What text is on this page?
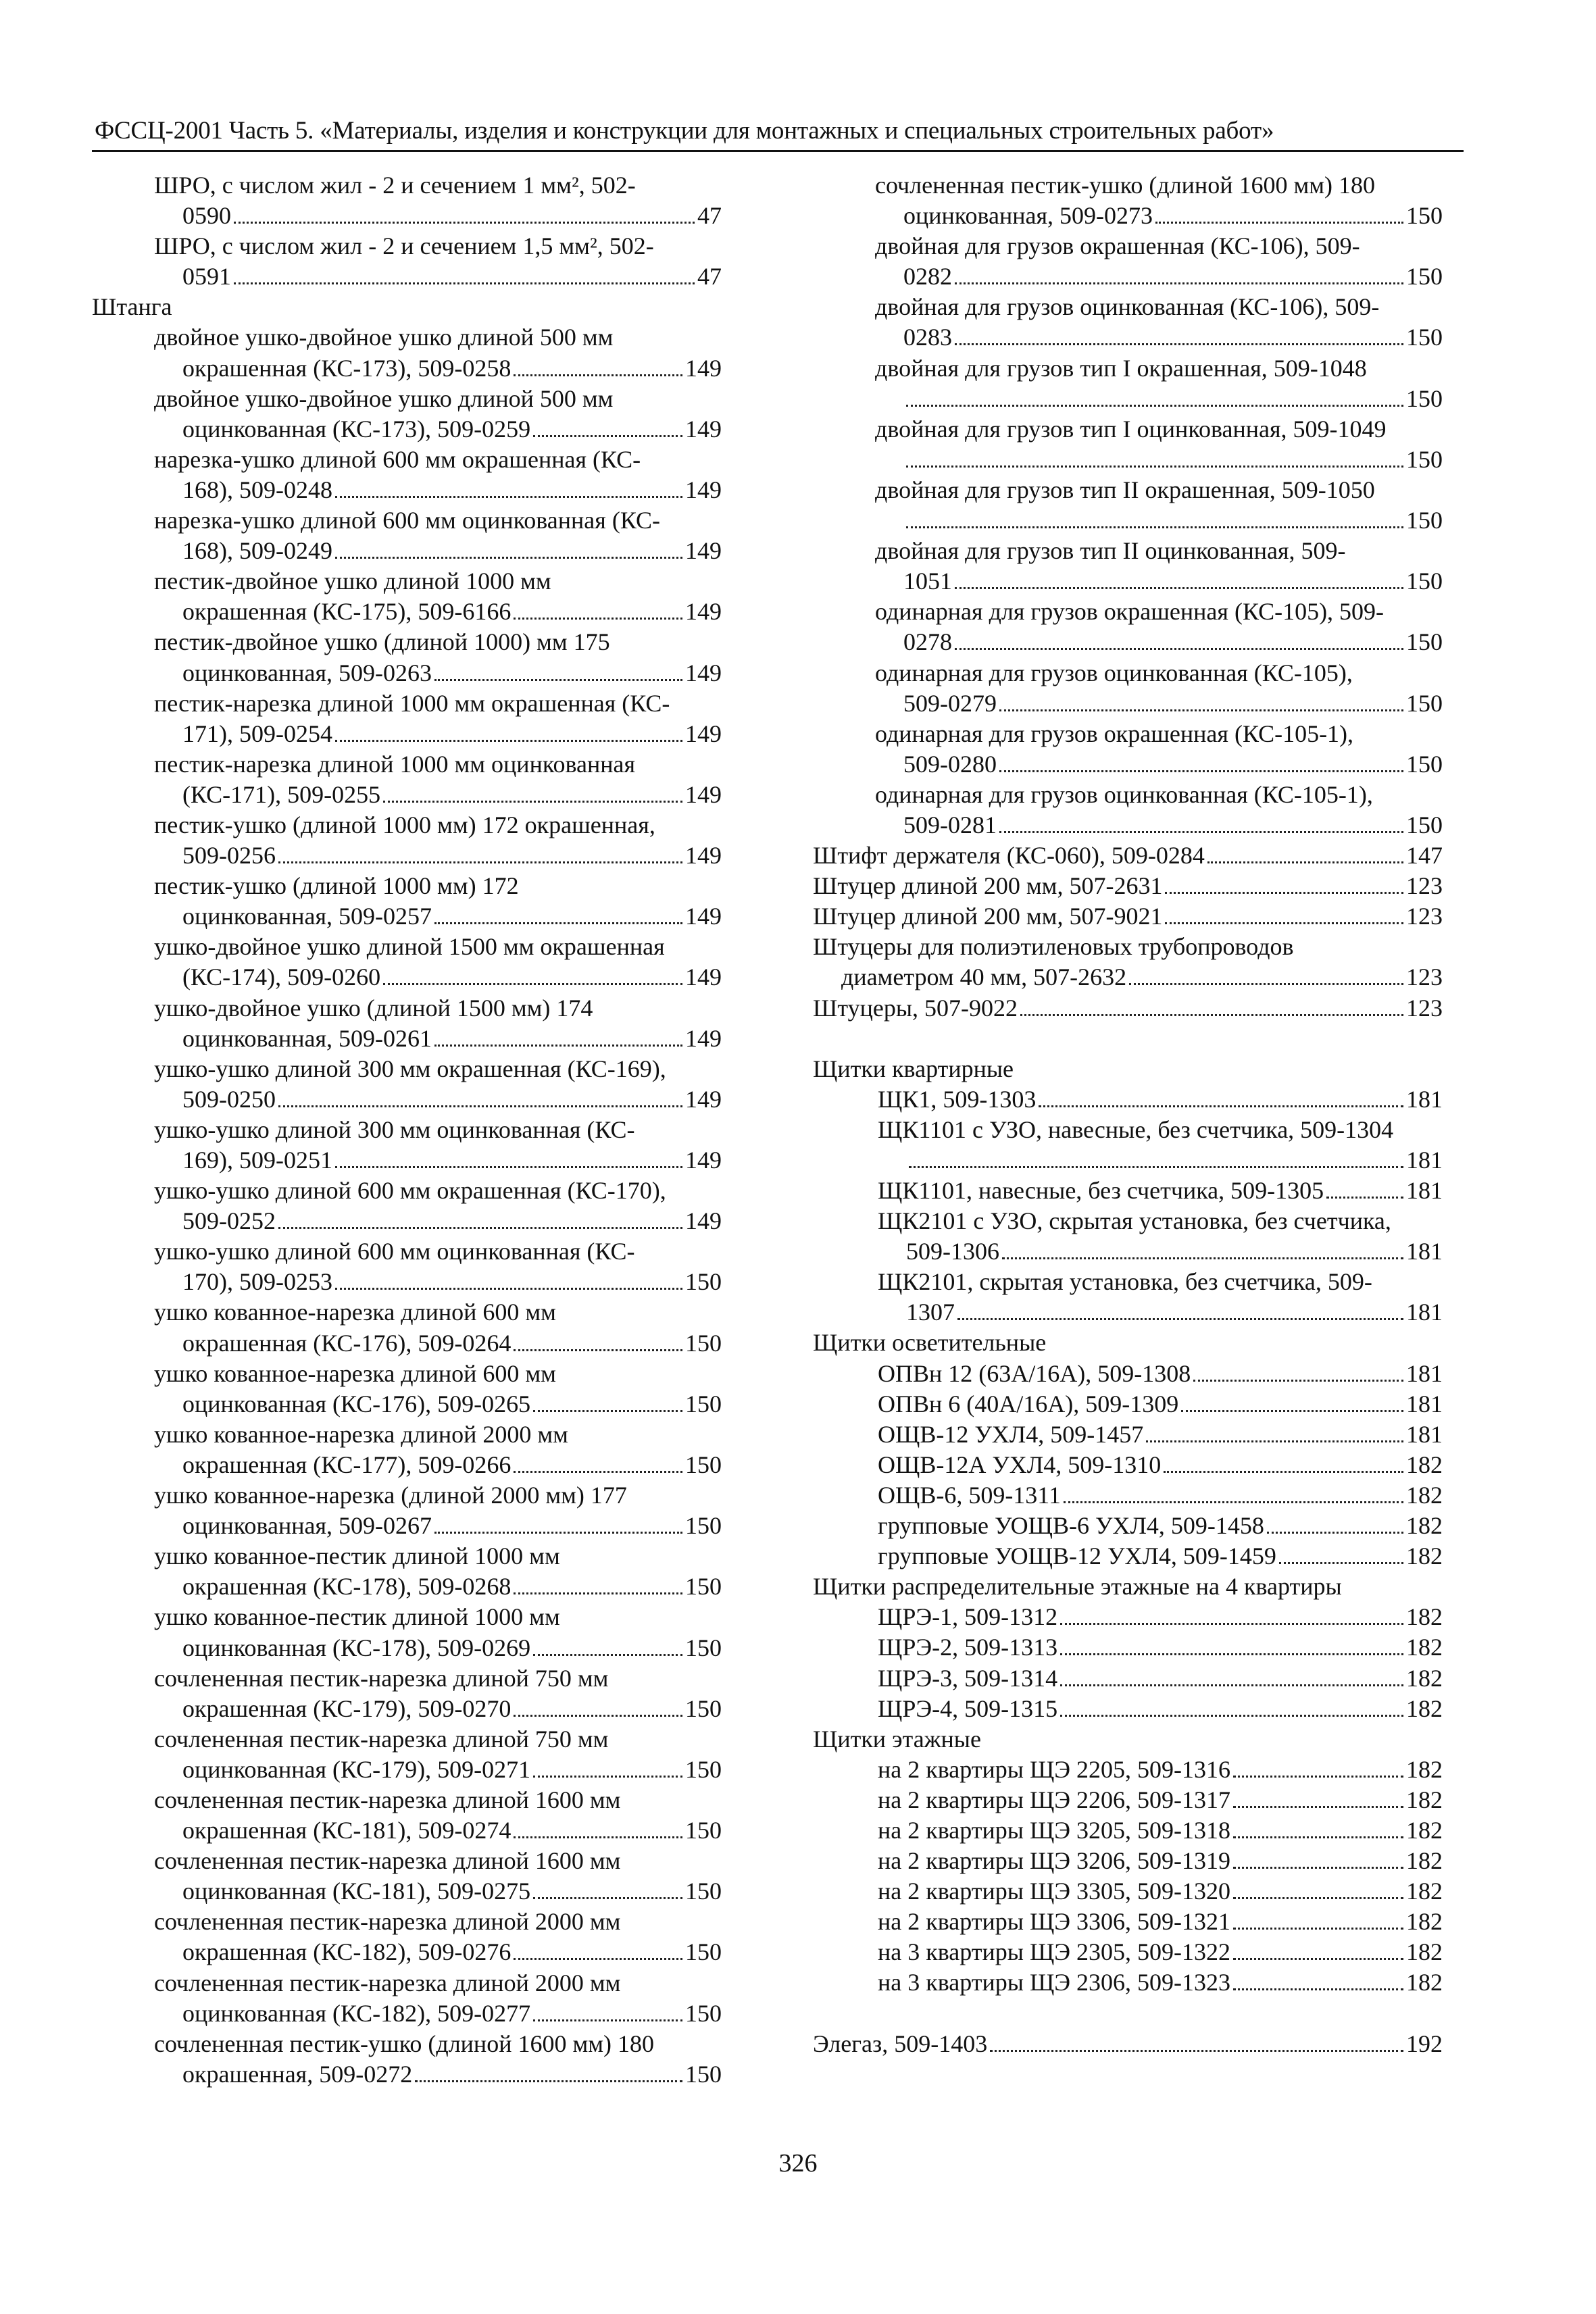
ФССЦ-2001 Часть 5. «Материалы, изделия и конструкции для монтажных и специальных строительных работ»
ШРО, с числом жил - 2 и сечением 1 мм², 502-
0590	47
ШРО, с числом жил - 2 и сечением 1,5 мм², 502-
0591	47
Штанга
двойное ушко-двойное ушко длиной 500 мм
окрашенная (КС-173), 509-0258	149
двойное ушко-двойное ушко длиной 500 мм
оцинкованная (КС-173), 509-0259	149
нарезка-ушко длиной 600 мм окрашенная (КС-
168), 509-0248	149
нарезка-ушко длиной 600 мм оцинкованная (КС-
168), 509-0249	149
пестик-двойное ушко длиной 1000 мм
окрашенная (КС-175), 509-6166	149
пестик-двойное ушко (длиной 1000) мм 175
оцинкованная, 509-0263	149
пестик-нарезка длиной 1000 мм окрашенная (КС-
171), 509-0254	149
пестик-нарезка длиной 1000 мм оцинкованная
(КС-171), 509-0255	149
пестик-ушко (длиной 1000 мм) 172 окрашенная,
509-0256	149
пестик-ушко (длиной 1000 мм) 172
оцинкованная, 509-0257	149
ушко-двойное ушко длиной 1500 мм окрашенная
(КС-174), 509-0260	149
ушко-двойное ушко (длиной 1500 мм) 174
оцинкованная, 509-0261	149
ушко-ушко длиной 300 мм окрашенная (КС-169),
509-0250	149
ушко-ушко длиной 300 мм оцинкованная (КС-
169), 509-0251	149
ушко-ушко длиной 600 мм окрашенная (КС-170),
509-0252	149
ушко-ушко длиной 600 мм оцинкованная (КС-
170), 509-0253	150
ушко кованное-нарезка длиной 600 мм
окрашенная (КС-176), 509-0264	150
ушко кованное-нарезка длиной 600 мм
оцинкованная (КС-176), 509-0265	150
ушко кованное-нарезка длиной 2000 мм
окрашенная (КС-177), 509-0266	150
ушко кованное-нарезка (длиной 2000 мм) 177
оцинкованная, 509-0267	150
ушко кованное-пестик длиной 1000 мм
окрашенная (КС-178), 509-0268	150
ушко кованное-пестик длиной 1000 мм
оцинкованная (КС-178), 509-0269	150
сочлененная пестик-нарезка длиной 750 мм
окрашенная (КС-179), 509-0270	150
сочлененная пестик-нарезка длиной 750 мм
оцинкованная (КС-179), 509-0271	150
сочлененная пестик-нарезка длиной 1600 мм
окрашенная (КС-181), 509-0274	150
сочлененная пестик-нарезка длиной 1600 мм
оцинкованная (КС-181), 509-0275	150
сочлененная пестик-нарезка длиной 2000 мм
окрашенная (КС-182), 509-0276	150
сочлененная пестик-нарезка длиной 2000 мм
оцинкованная (КС-182), 509-0277	150
сочлененная пестик-ушко (длиной 1600 мм) 180
окрашенная, 509-0272	150
сочлененная пестик-ушко (длиной 1600 мм) 180
оцинкованная, 509-0273	150
двойная для грузов окрашенная (КС-106), 509-
0282	150
двойная для грузов оцинкованная (КС-106), 509-
0283	150
двойная для грузов тип I окрашенная, 509-1048
150
двойная для грузов тип I оцинкованная, 509-1049
150
двойная для грузов тип II окрашенная, 509-1050
150
двойная для грузов тип II оцинкованная, 509-
1051	150
одинарная для грузов окрашенная (КС-105), 509-
0278	150
одинарная для грузов оцинкованная (КС-105),
509-0279	150
одинарная для грузов окрашенная (КС-105-1),
509-0280	150
одинарная для грузов оцинкованная (КС-105-1),
509-0281	150
Штифт держателя (КС-060), 509-0284	147
Штуцер длиной 200 мм, 507-2631	123
Штуцер длиной 200 мм, 507-9021	123
Штуцеры для полиэтиленовых трубопроводов
диаметром 40 мм, 507-2632	123
Штуцеры, 507-9022	123
Щитки квартирные
ЩК1, 509-1303	181
ЩК1101 с УЗО, навесные, без счетчика, 509-1304
181
ЩК1101, навесные, без счетчика, 509-1305	181
ЩК2101 с УЗО, скрытая установка, без счетчика,
509-1306	181
ЩК2101, скрытая установка, без счетчика, 509-
1307	181
Щитки осветительные
ОПВн 12 (63А/16А), 509-1308	181
ОПВн 6 (40А/16А), 509-1309	181
ОЩВ-12 УХЛ4, 509-1457	181
ОЩВ-12А УХЛ4, 509-1310	182
ОЩВ-6, 509-1311	182
групповые УОЩВ-6 УХЛ4, 509-1458	182
групповые УОЩВ-12 УХЛ4, 509-1459	182
Щитки распределительные этажные на 4 квартиры
ЩРЭ-1, 509-1312	182
ЩРЭ-2, 509-1313	182
ЩРЭ-3, 509-1314	182
ЩРЭ-4, 509-1315	182
Щитки этажные
на 2 квартиры ЩЭ 2205, 509-1316	182
на 2 квартиры ЩЭ 2206, 509-1317	182
на 2 квартиры ЩЭ 3205, 509-1318	182
на 2 квартиры ЩЭ 3206, 509-1319	182
на 2 квартиры ЩЭ 3305, 509-1320	182
на 2 квартиры ЩЭ 3306, 509-1321	182
на 3 квартиры ЩЭ 2305, 509-1322	182
на 3 квартиры ЩЭ 2306, 509-1323	182
Элегаз, 509-1403	192
326
